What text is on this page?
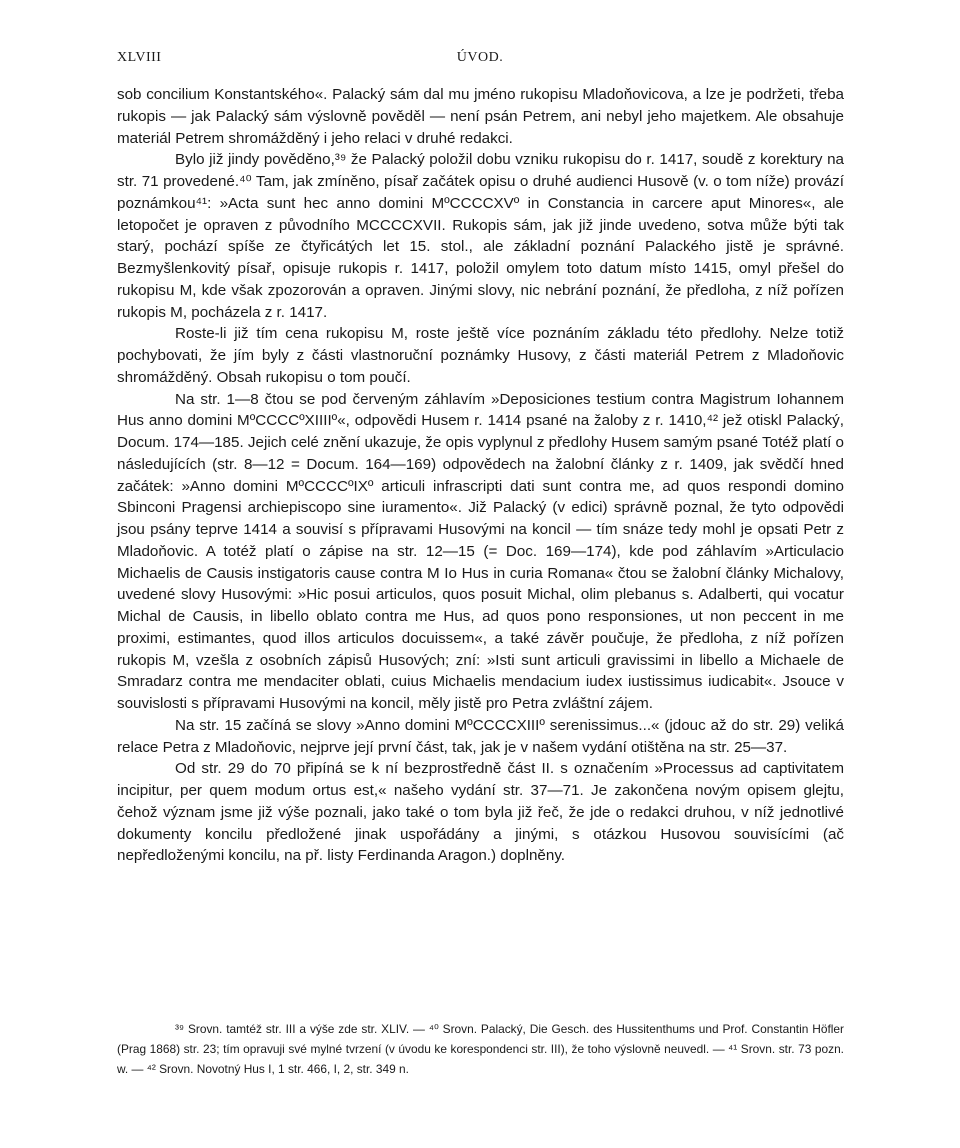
XLVIII	ÚVOD.

sob concilium Konstantského«. Palacký sám dal mu jméno rukopisu Mladoňovicova, a lze je podržeti, třeba rukopis — jak Palacký sám výslovně pověděl — není psán Petrem, ani nebyl jeho majetkem. Ale obsahuje materiál Petrem shromážděný i jeho relaci v druhé redakci.

Bylo již jindy pověděno,³⁹ že Palacký položil dobu vzniku rukopisu do r. 1417, soudě z korektury na str. 71 provedené.⁴⁰ Tam, jak zmíněno, písař začátek opisu o druhé audienci Husově (v. o tom níže) provází poznámkou⁴¹: »Acta sunt hec anno domini MºCCCCXVº in Constancia in carcere aput Minores«, ale letopočet je opraven z původního MCCCCXVII. Rukopis sám, jak již jinde uvedeno, sotva může býti tak starý, pochází spíše ze čtyřicátých let 15. stol., ale základní poznání Palackého jistě je správné. Bezmyšlenkovitý písař, opisuje rukopis r. 1417, položil omylem toto datum místo 1415, omyl přešel do rukopisu M, kde však zpozorován a opraven. Jinými slovy, nic nebrání poznání, že předloha, z níž pořízen rukopis M, pocházela z r. 1417.

Roste-li již tím cena rukopisu M, roste ještě více poznáním základu této předlohy. Nelze totiž pochybovati, že jím byly z části vlastnoruční poznámky Husovy, z části materiál Petrem z Mladoňovic shromážděný. Obsah rukopisu o tom poučí.

Na str. 1—8 čtou se pod červeným záhlavím »Deposiciones testium contra Magistrum Iohannem Hus anno domini MºCCCCºXIIIIº«, odpovědi Husem r. 1414 psané na žaloby z r. 1410,⁴² jež otiskl Palacký, Docum. 174—185. Jejich celé znění ukazuje, že opis vyplynul z předlohy Husem samým psané Totéž platí o následujících (str. 8—12 = Docum. 164—169) odpovědech na žalobní články z r. 1409, jak svědčí hned začátek: »Anno domini MºCCCCºIXº articuli infrascripti dati sunt contra me, ad quos respondi domino Sbinconi Pragensi archiepiscopo sine iuramento«. Již Palacký (v edici) správně poznal, že tyto odpovědi jsou psány teprve 1414 a souvisí s přípravami Husovými na koncil — tím snáze tedy mohl je opsati Petr z Mladoňovic. A totéž platí o zápise na str. 12—15 (= Doc. 169—174), kde pod záhlavím »Articulacio Michaelis de Causis instigatoris cause contra M Io Hus in curia Romana« čtou se žalobní články Michalovy, uvedené slovy Husovými: »Hic posui articulos, quos posuit Michal, olim plebanus s. Adalberti, qui vocatur Michal de Causis, in libello oblato contra me Hus, ad quos pono responsiones, ut non peccent in me proximi, estimantes, quod illos articulos docuissem«, a také závěr poučuje, že předloha, z níž pořízen rukopis M, vzešla z osobních zápisů Husových; zní: »Isti sunt articuli gravissimi in libello a Michaele de Smradarz contra me mendaciter oblati, cuius Michaelis mendacium iudex iustissimus iudicabit«. Jsouce v souvislosti s přípravami Husovými na koncil, měly jistě pro Petra zvláštní zájem.

Na str. 15 začíná se slovy »Anno domini MºCCCCXIIIº serenissimus...« (jdouc až do str. 29) veliká relace Petra z Mladoňovic, nejprve její první část, tak, jak je v našem vydání otištěna na str. 25—37.

Od str. 29 do 70 připíná se k ní bezprostředně část II. s označením »Processus ad captivitatem incipitur, per quem modum ortus est,« našeho vydání str. 37—71. Je zakončena novým opisem glejtu, čehož význam jsme již výše poznali, jako také o tom byla již řeč, že jde o redakci druhou, v níž jednotlivé dokumenty koncilu předložené jinak uspořádány a jinými, s otázkou Husovou souvisícími (ač nepředloženými koncilu, na př. listy Ferdinanda Aragon.) doplněny.

³⁹ Srovn. tamtéž str. III a výše zde str. XLIV. — ⁴⁰ Srovn. Palacký, Die Gesch. des Hussitenthums und Prof. Constantin Höfler (Prag 1868) str. 23; tím opravuji své mylné tvrzení (v úvodu ke korespondenci str. III), že toho výslovně neuvedl. — ⁴¹ Srovn. str. 73 pozn. w. — ⁴² Srovn. Novotný Hus I, 1 str. 466, I, 2, str. 349 n.
